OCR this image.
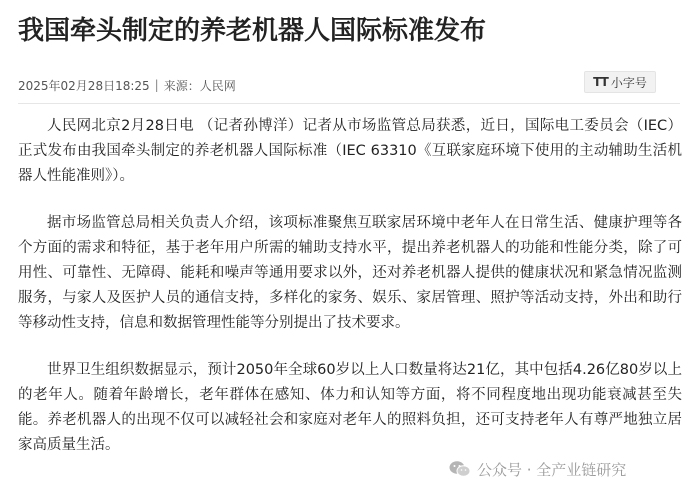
我国牵头制定的养老机器人国际标准发布
2025年02月28日18:25 | 来源：人民网	TT 小字号

人民网北京2月28日电 （记者孙博洋）记者从市场监管总局获悉，近日，国际电工委员会（IEC）正式发布由我国牵头制定的养老机器人国际标准（IEC 63310《互联家庭环境下使用的主动辅助生活机器人性能准则》）。

据市场监管总局相关负责人介绍，该项标准聚焦互联家居环境中老年人在日常生活、健康护理等各个方面的需求和特征，基于老年用户所需的辅助支持水平，提出养老机器人的功能和性能分类，除了可用性、可靠性、无障碍、能耗和噪声等通用要求以外，还对养老机器人提供的健康状况和紧急情况监测服务，与家人及医护人员的通信支持，多样化的家务、娱乐、家居管理、照护等活动支持，外出和助行等移动性支持，信息和数据管理性能等分别提出了技术要求。

世界卫生组织数据显示，预计2050年全球60岁以上人口数量将达21亿，其中包括4.26亿80岁以上的老年人。随着年龄增长，老年群体在感知、体力和认知等方面，将不同程度地出现功能衰减甚至失能。养老机器人的出现不仅可以减轻社会和家庭对老年人的照料负担，还可支持老年人有尊严地独立居家高质量生活。

公众号 · 全产业链研究
